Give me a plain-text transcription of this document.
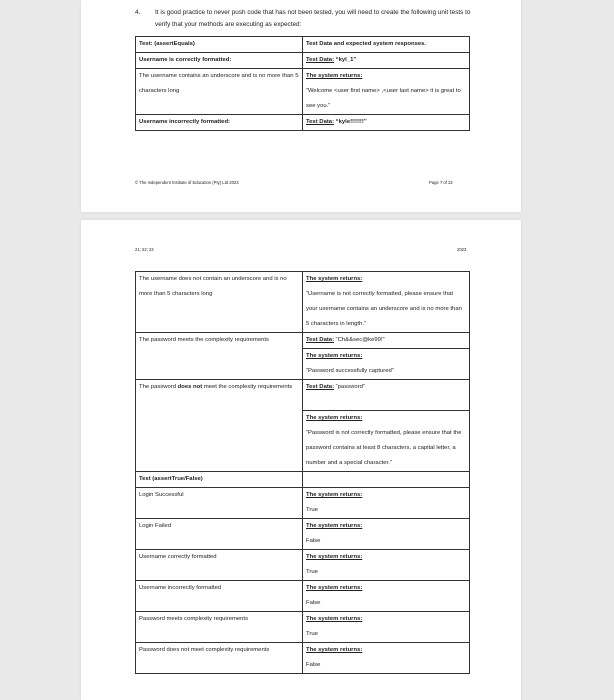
4. It is good practice to never push code that has not been tested, you will need to create the following unit tests to verify that your methods are executing as expected:
Test: (assertEquals)	Test Data and expected system responses.
Username is correctly formatted:	Test Data: “kyl_1”
The username contains an underscore and is no more than 5 characters long	The system returns:
“Welcome <user first name> ,<user last name> it is great to see you.”
Username incorrectly formatted:	Test Data: “kyle!!!!!!!”
© The Independent Institute of Education (Pty) Ltd 2023	Page 7 of 22
21; 22; 23	2023
The username does not contain an underscore and is no more than 5 characters long	The system returns:
“Username is not correctly formatted, please ensure that your username contains an underscore and is no more than 5 characters in length.”
The password meets the complexity requirements	Test Data: “Ch&&sec@ke99!”

	The system returns:
“Password successfully captured”
The password does not meet the complexity requirements	Test Data: “password”

	The system returns:
“Password is not correctly formatted, please ensure that the password contains at least 8 characters, a capital letter, a number and a special character.”
Test (assertTrue/False)	
Login Successful	The system returns:
True
Login Failed	The system returns:
False
Username correctly formatted	The system returns:
True
Username incorrectly formatted	The system returns:
False
Password meets complexity requirements	The system returns:
True
Password does not meet complexity requirements	The system returns:
False
